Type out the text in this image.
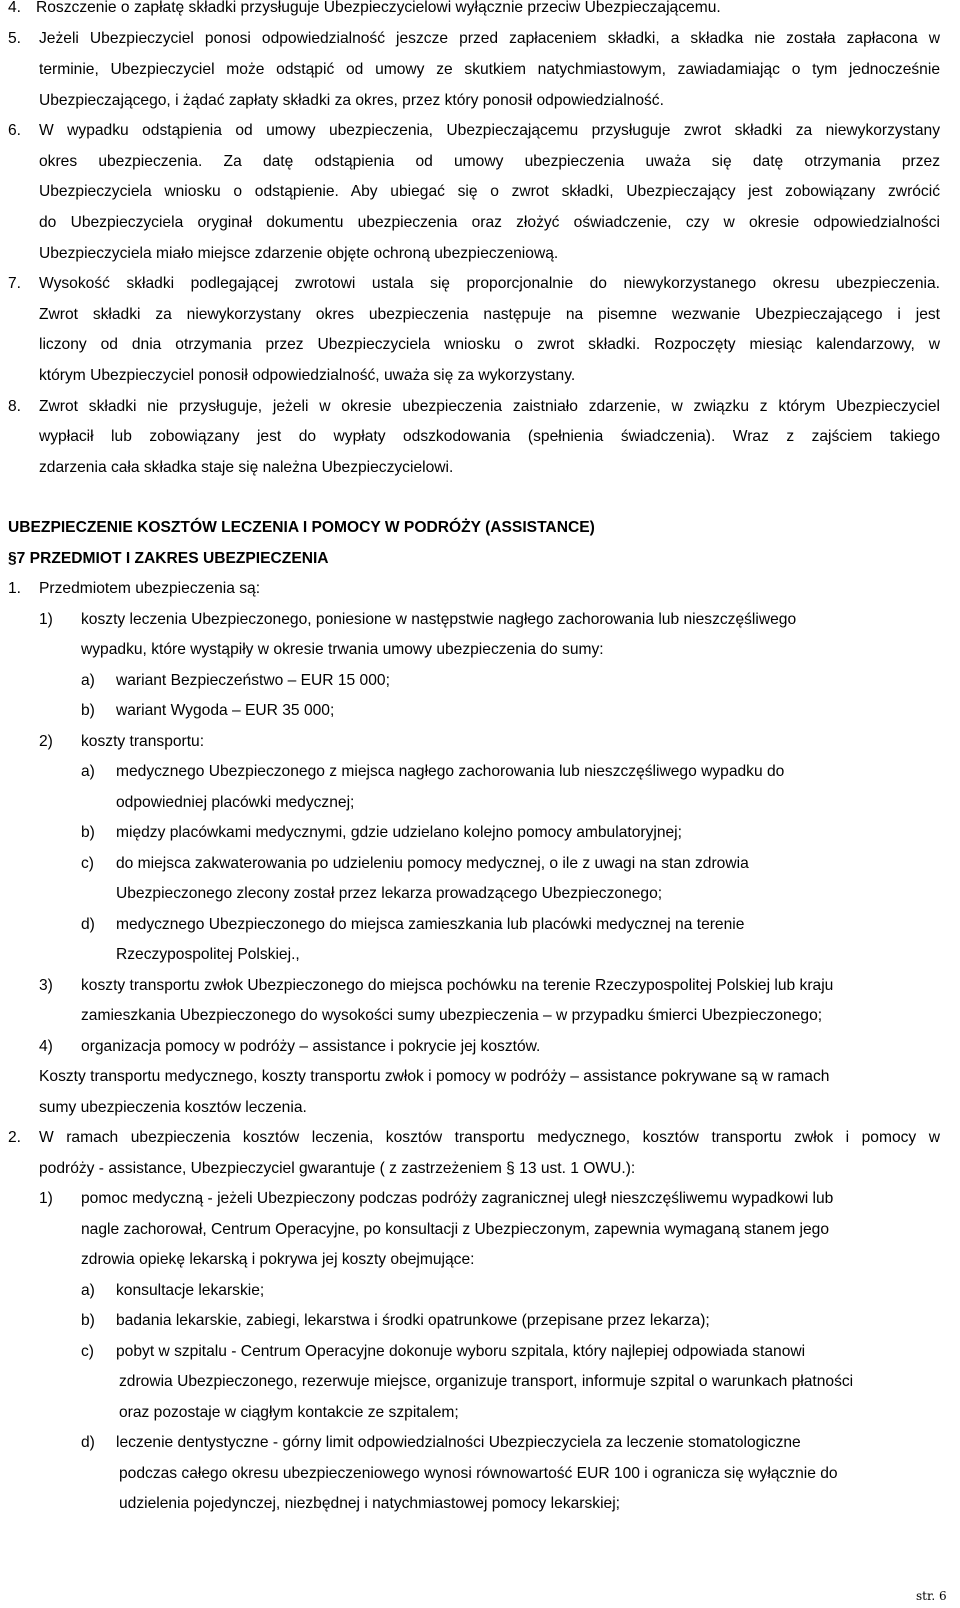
4. Roszczenie o zapłatę składki przysługuje Ubezpieczycielowi wyłącznie przeciw Ubezpieczającemu.
5. Jeżeli Ubezpieczyciel ponosi odpowiedzialność jeszcze przed zapłaceniem składki, a składka nie została zapłacona w
terminie, Ubezpieczyciel może odstąpić od umowy ze skutkiem natychmiastowym, zawiadamiając o tym jednocześnie
Ubezpieczającego, i żądać zapłaty składki za okres, przez który ponosił odpowiedzialność.
6. W wypadku odstąpienia od umowy ubezpieczenia, Ubezpieczającemu przysługuje zwrot składki za niewykorzystany
okres ubezpieczenia. Za datę odstąpienia od umowy ubezpieczenia uważa się datę otrzymania przez
Ubezpieczyciela wniosku o odstąpienie. Aby ubiegać się o zwrot składki, Ubezpieczający jest zobowiązany zwrócić
do Ubezpieczyciela oryginał dokumentu ubezpieczenia oraz złożyć oświadczenie, czy w okresie odpowiedzialności
Ubezpieczyciela miało miejsce zdarzenie objęte ochroną ubezpieczeniową.
7. Wysokość składki podlegającej zwrotowi ustala się proporcjonalnie do niewykorzystanego okresu ubezpieczenia.
Zwrot składki za niewykorzystany okres ubezpieczenia następuje na pisemne wezwanie Ubezpieczającego i jest
liczony od dnia otrzymania przez Ubezpieczyciela wniosku o zwrot składki. Rozpoczęty miesiąc kalendarzowy, w
którym Ubezpieczyciel ponosił odpowiedzialność, uważa się za wykorzystany.
8. Zwrot składki nie przysługuje, jeżeli w okresie ubezpieczenia zaistniało zdarzenie, w związku z którym Ubezpieczyciel
wypłacił lub zobowiązany jest do wypłaty odszkodowania (spełnienia świadczenia). Wraz z zajściem takiego
zdarzenia cała składka staje się należna Ubezpieczycielowi.
UBEZPIECZENIE KOSZTÓW LECZENIA I POMOCY W PODRÓŻY (ASSISTANCE)
§7 PRZEDMIOT I ZAKRES UBEZPIECZENIA
1. Przedmiotem ubezpieczenia są:
1) koszty leczenia Ubezpieczonego, poniesione w następstwie nagłego zachorowania lub nieszczęśliwego
wypadku, które wystąpiły w okresie trwania umowy ubezpieczenia do sumy:
a) wariant Bezpieczeństwo – EUR 15 000;
b) wariant Wygoda – EUR 35 000;
2) koszty transportu:
a) medycznego Ubezpieczonego z miejsca nagłego zachorowania lub nieszczęśliwego wypadku do
odpowiedniej placówki medycznej;
b) między placówkami medycznymi, gdzie udzielano kolejno pomocy ambulatoryjnej;
c) do miejsca zakwaterowania po udzieleniu pomocy medycznej, o ile z uwagi na stan zdrowia
Ubezpieczonego zlecony został przez lekarza prowadzącego Ubezpieczonego;
d) medycznego Ubezpieczonego do miejsca zamieszkania lub placówki medycznej na terenie
Rzeczypospolitej Polskiej.,
3) koszty transportu zwłok Ubezpieczonego do miejsca pochówku na terenie Rzeczypospolitej Polskiej lub kraju
zamieszkania Ubezpieczonego do wysokości sumy ubezpieczenia – w przypadku śmierci Ubezpieczonego;
4) organizacja pomocy w podróży – assistance i pokrycie jej kosztów.
Koszty transportu medycznego, koszty transportu zwłok i pomocy w podróży – assistance pokrywane są w ramach
sumy ubezpieczenia kosztów leczenia.
2. W ramach ubezpieczenia kosztów leczenia, kosztów transportu medycznego, kosztów transportu zwłok i pomocy w
podróży - assistance, Ubezpieczyciel gwarantuje ( z zastrzeżeniem § 13 ust. 1 OWU.):
1) pomoc medyczną - jeżeli Ubezpieczony podczas podróży zagranicznej uległ nieszczęśliwemu wypadkowi lub
nagle zachorował, Centrum Operacyjne, po konsultacji z Ubezpieczonym, zapewnia wymaganą stanem jego
zdrowia opiekę lekarską i pokrywa jej koszty obejmujące:
a) konsultacje lekarskie;
b) badania lekarskie, zabiegi, lekarstwa i środki opatrunkowe (przepisane przez lekarza);
c) pobyt w szpitalu - Centrum Operacyjne dokonuje wyboru szpitala, który najlepiej odpowiada stanowi
zdrowia Ubezpieczonego, rezerwuje miejsce, organizuje transport, informuje szpital o warunkach płatności
oraz pozostaje w ciągłym kontakcie ze szpitalem;
d) leczenie dentystyczne - górny limit odpowiedzialności Ubezpieczyciela za leczenie stomatologiczne
podczas całego okresu ubezpieczeniowego wynosi równowartość EUR 100 i ogranicza się wyłącznie do
udzielenia pojedynczej, niezbędnej i natychmiastowej pomocy lekarskiej;
str. 6
